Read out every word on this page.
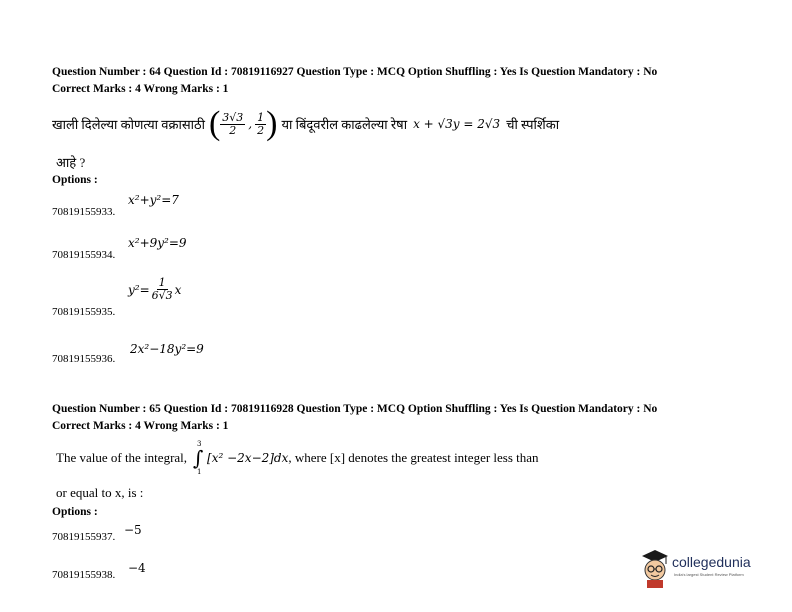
Question Number : 64 Question Id : 70819116927 Question Type : MCQ Option Shuffling : Yes Is Question Mandatory : No
Correct Marks : 4 Wrong Marks : 1
खाली दिलेल्या कोणत्या वक्रासाठी ( $\frac{3√3}{2}$ , $\frac{1}{2}$ ) या बिंदूवरील काढलेल्या रेषा x + √3y = 2√3 ची स्पर्शिका
आहे ?
Options :
x²+y²=7
70819155933.
x²+9y²=9
70819155934.
$y^2= \frac{1}{6√3}$ x
70819155935.
2x²−18y²=9
70819155936.
Question Number : 65 Question Id : 70819116928 Question Type : MCQ Option Shuffling : Yes Is Question Mandatory : No
Correct Marks : 4 Wrong Marks : 1
The value of the integral,
3
∫
1
[x² −2x−2]dx , where [x] denotes the greatest integer less than
or equal to x, is :
Options :
−5
70819155937.
−4
70819155938.
collegedunia
India's largest Student Review Platform
